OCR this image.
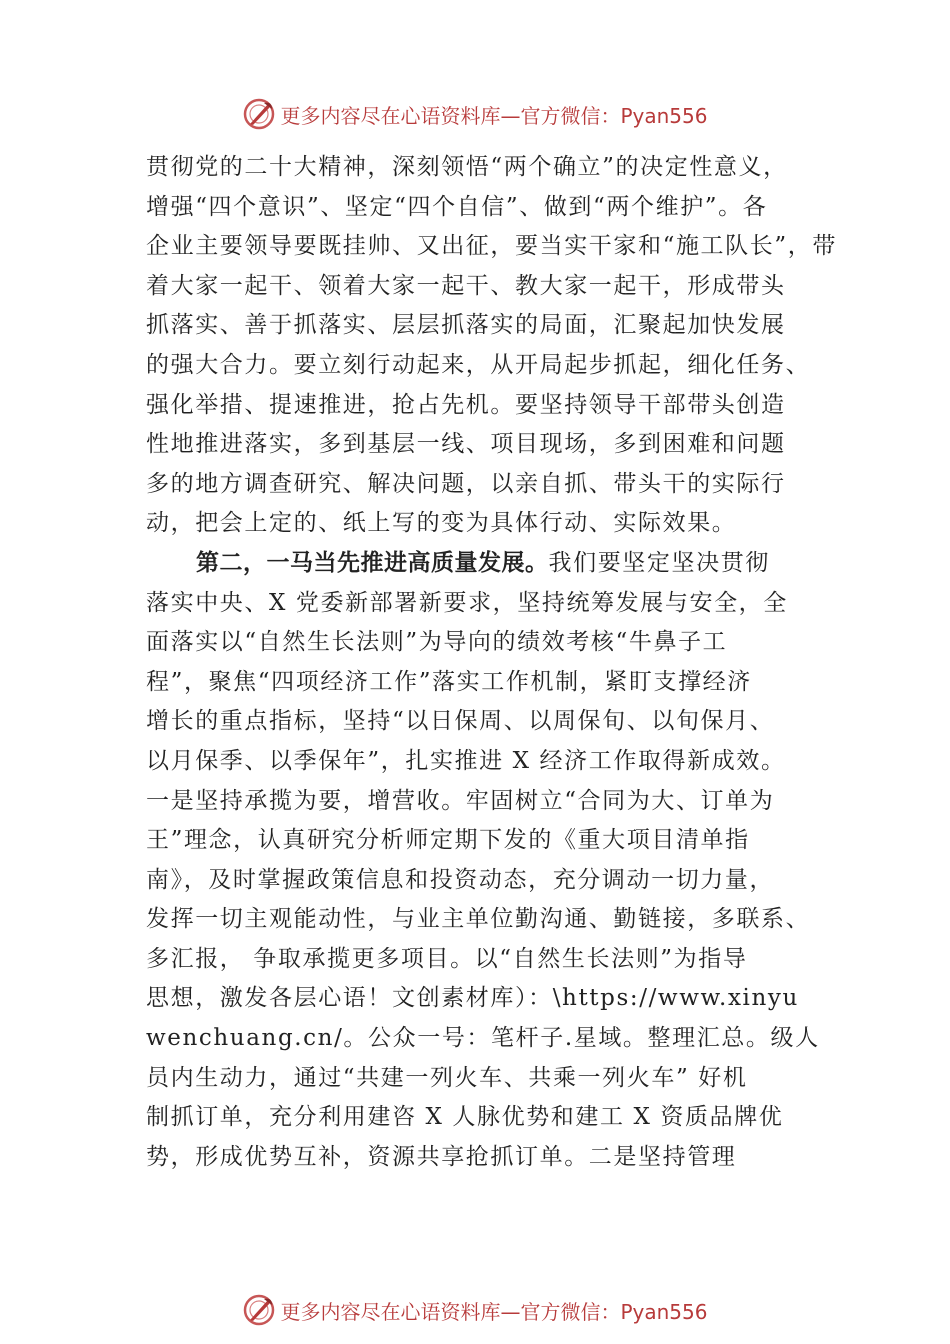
更多内容尽在心语资料库—官方微信：Pyan556
贯彻党的二十大精神，深刻领悟“两个确立”的决定性意义，
增强“四个意识”、坚定“四个自信”、做到“两个维护”。各
企业主要领导要既挂帅、又出征，要当实干家和“施工队长”，带
着大家一起干、领着大家一起干、教大家一起干，形成带头
抓落实、善于抓落实、层层抓落实的局面，汇聚起加快发展
的强大合力。要立刻行动起来，从开局起步抓起，细化任务、
强化举措、提速推进，抢占先机。要坚持领导干部带头创造
性地推进落实，多到基层一线、项目现场，多到困难和问题
多的地方调查研究、解决问题，以亲自抓、带头干的实际行
动，把会上定的、纸上写的变为具体行动、实际效果。
第二，一马当先推进高质量发展。我们要坚定坚决贯彻
落实中央、X 党委新部署新要求，坚持统筹发展与安全，全
面落实以“自然生长法则”为导向的绩效考核“牛鼻子工
程”，聚焦“四项经济工作”落实工作机制，紧盯支撑经济
增长的重点指标，坚持“以日保周、以周保旬、以旬保月、
以月保季、以季保年”，扎实推进 X 经济工作取得新成效。
一是坚持承揽为要，增营收。牢固树立“合同为大、订单为
王”理念，认真研究分析师定期下发的《重大项目清单指
南》，及时掌握政策信息和投资动态，充分调动一切力量，
发挥一切主观能动性，与业主单位勤沟通、勤链接，多联系、
多汇报， 争取承揽更多项目。以“自然生长法则”为指导
思想，激发各层心语！文创素材库）：\https://www.xinyu
wenchuang.cn/。公众一号：笔杆子.星域。整理汇总。级人
员内生动力，通过“共建一列火车、共乘一列火车” 好机
制抓订单，充分利用建咨 X 人脉优势和建工 X 资质品牌优
势，形成优势互补，资源共享抢抓订单。二是坚持管理
更多内容尽在心语资料库—官方微信：Pyan556
